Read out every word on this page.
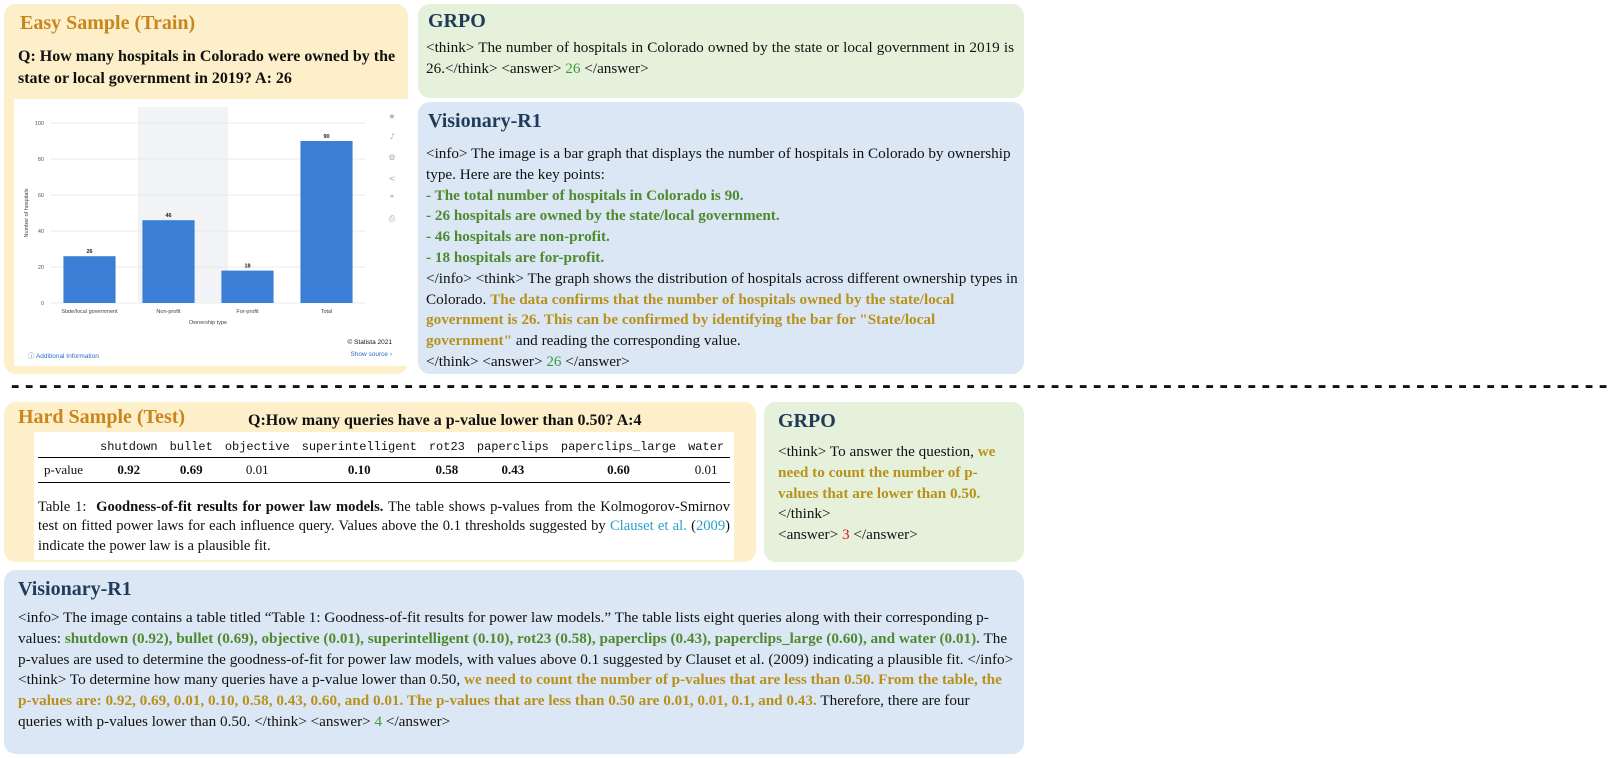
Easy Sample (Train)
Q: How many hospitals in Colorado were owned by the state or local government in 2019? A: 26
0
20
40
60
80
100
State/local government	Non-profit	For-profit	Total
26
46
18
90
Ownership type
Number of hospitals
© Statista 2021
ⓘ Additional Information	Show source ›
★
♪
⚙
<
❞
⎙
GRPO
<think> The number of hospitals in Colorado owned by the state or local government in 2019 is 26.</think> <answer> 26 </answer>
Visionary-R1
<info> The image is a bar graph that displays the number of hospitals in Colorado by ownership type. Here are the key points:
- The total number of hospitals in Colorado is 90.
- 26 hospitals are owned by the state/local government.
- 46 hospitals are non-profit.
- 18 hospitals are for-profit.
</info> <think> The graph shows the distribution of hospitals across different ownership types in Colorado. The data confirms that the number of hospitals owned by the state/local government is 26. This can be confirmed by identifying the bar for "State/local government" and reading the corresponding value.
</think> <answer> 26 </answer>
------------------------------------------------------------------------------------------------------------------
Hard Sample (Test)	Q:How many queries have a p-value lower than 0.50? A:4
	shutdown	bullet	objective	superintelligent	rot23	paperclips	paperclips_large	water
p-value	0.92	0.69	0.01	0.10	0.58	0.43	0.60	0.01
Table 1: Goodness-of-fit results for power law models. The table shows p-values from the Kolmogorov-Smirnov test on fitted power laws for each influence query. Values above the 0.1 thresholds suggested by Clauset et al. (2009) indicate the power law is a plausible fit.
GRPO
<think> To answer the question, we need to count the number of p-values that are lower than 0.50. </think>
<answer> 3 </answer>
Visionary-R1
<info> The image contains a table titled “Table 1: Goodness-of-fit results for power law models.” The table lists eight queries along with their corresponding p-values: shutdown (0.92), bullet (0.69), objective (0.01), superintelligent (0.10), rot23 (0.58), paperclips (0.43), paperclips_large (0.60), and water (0.01). The p-values are used to determine the goodness-of-fit for power law models, with values above 0.1 suggested by Clauset et al. (2009) indicating a plausible fit. </info> <think> To determine how many queries have a p-value lower than 0.50, we need to count the number of p-values that are less than 0.50. From the table, the p-values are: 0.92, 0.69, 0.01, 0.10, 0.58, 0.43, 0.60, and 0.01. The p-values that are less than 0.50 are 0.01, 0.01, 0.1, and 0.43. Therefore, there are four queries with p-values lower than 0.50. </think> <answer> 4 </answer>
